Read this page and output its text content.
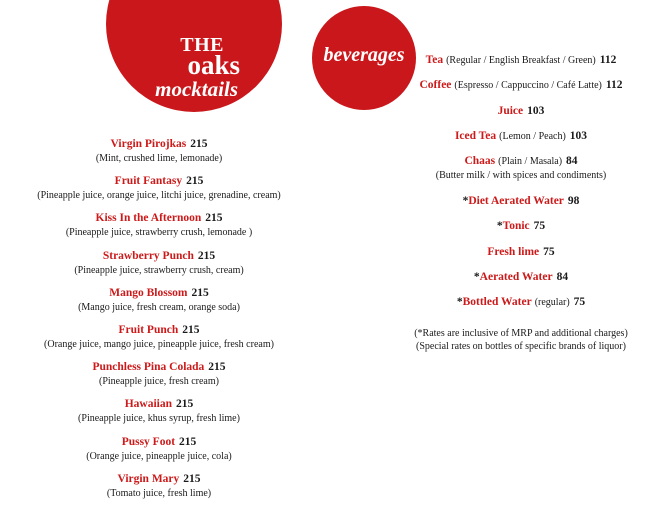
THE
oaks
mocktails
beverages
Virgin Pirojkas 215
(Mint, crushed lime, lemonade)
Fruit Fantasy 215
(Pineapple juice, orange juice, litchi juice, grenadine, cream)
Kiss In the Afternoon 215
(Pineapple juice, strawberry crush, lemonade )
Strawberry Punch 215
(Pineapple juice, strawberry crush, cream)
Mango Blossom 215
(Mango juice, fresh cream, orange soda)
Fruit Punch 215
(Orange juice, mango juice, pineapple juice, fresh cream)
Punchless Pina Colada 215
(Pineapple juice, fresh cream)
Hawaiian 215
(Pineapple juice, khus syrup, fresh lime)
Pussy Foot 215
(Orange juice, pineapple juice, cola)
Virgin Mary 215
(Tomato juice, fresh lime)
Tea (Regular / English Breakfast / Green) 112
Coffee (Espresso / Cappuccino / Café Latte) 112
Juice 103
Iced Tea (Lemon / Peach) 103
Chaas (Plain / Masala) 84
(Butter milk / with spices and condiments)
*Diet Aerated Water 98
*Tonic 75
Fresh lime 75
*Aerated Water 84
*Bottled Water (regular) 75
(*Rates are inclusive of MRP and additional charges)
(Special rates on bottles of specific brands of liquor)
